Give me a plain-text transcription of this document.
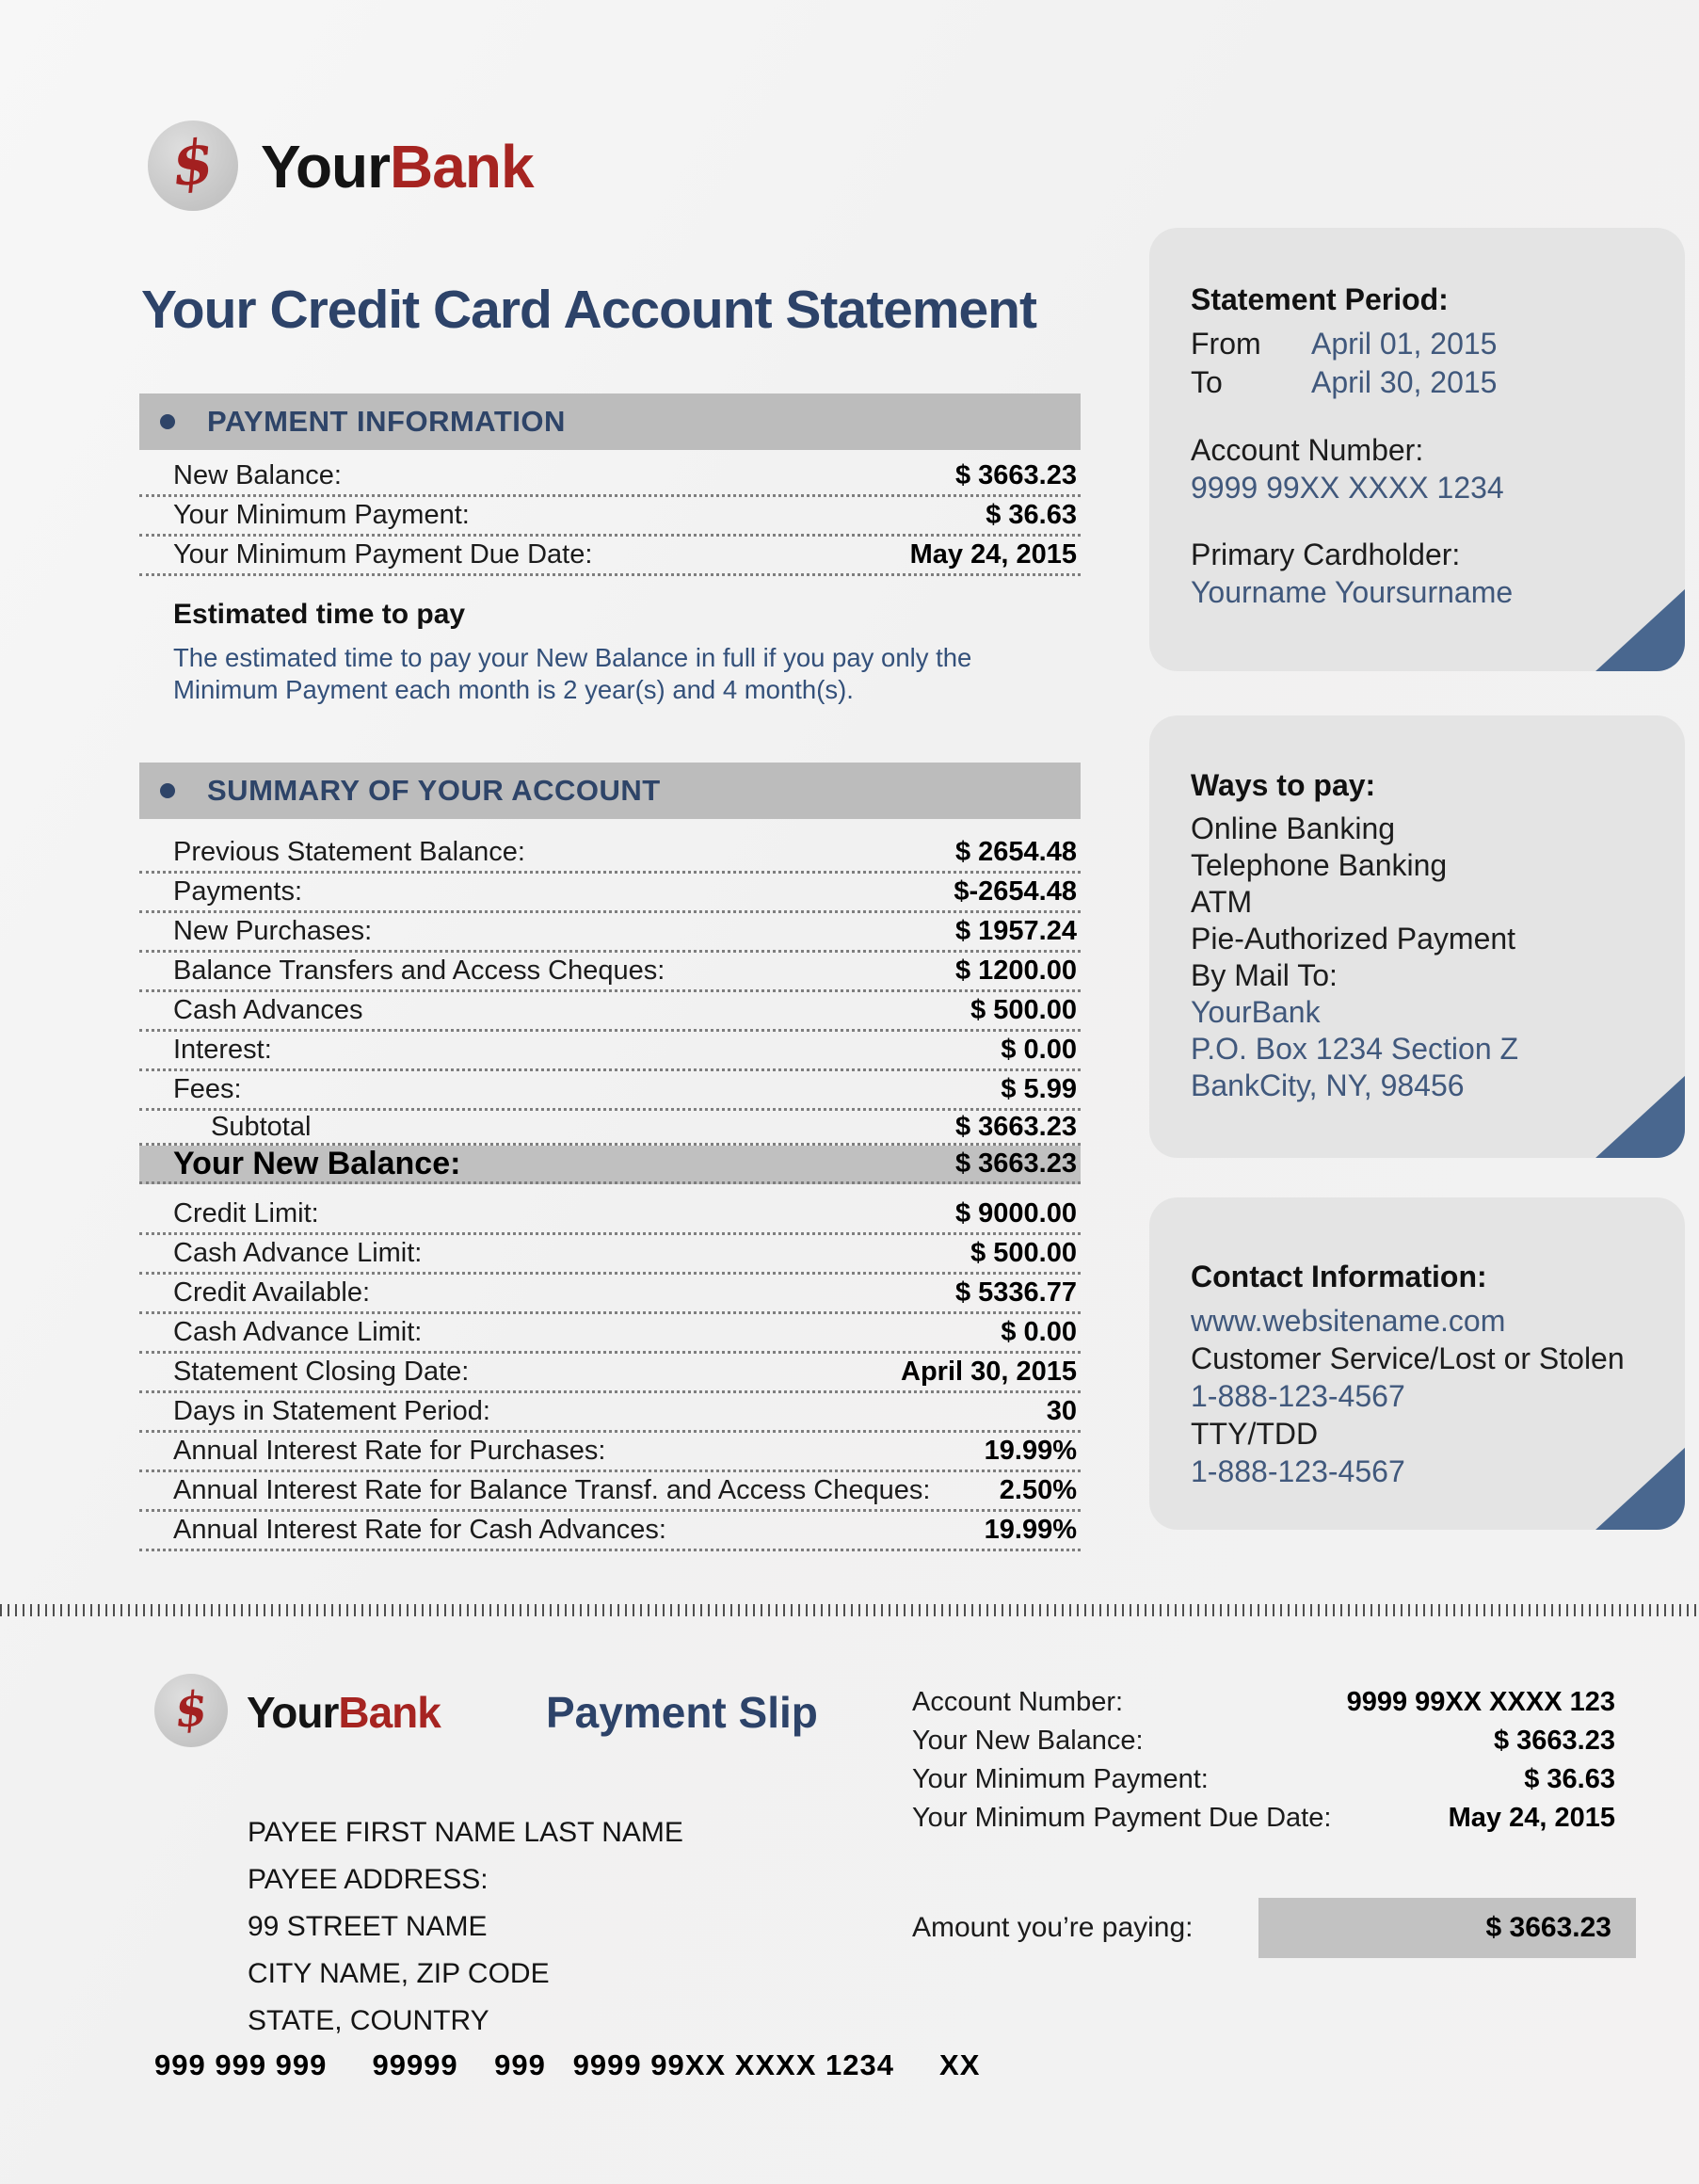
$ YourBank
Your Credit Card Account Statement
PAYMENT INFORMATION
New Balance:	$ 3663.23
Your Minimum Payment:	$ 36.63
Your Minimum Payment Due Date:	May 24, 2015
Estimated time to pay
The estimated time to pay your New Balance in full if you pay only the
Minimum Payment each month is 2 year(s) and 4 month(s).
SUMMARY OF YOUR ACCOUNT
Previous Statement Balance:	$ 2654.48
Payments:	$-2654.48
New Purchases:	$ 1957.24
Balance Transfers and Access Cheques:	$ 1200.00
Cash Advances	$ 500.00
Interest:	$ 0.00
Fees:	$ 5.99
Subtotal	$ 3663.23
Your New Balance:	$ 3663.23
Credit Limit:	$ 9000.00
Cash Advance Limit:	$ 500.00
Credit Available:	$ 5336.77
Cash Advance Limit:	$ 0.00
Statement Closing Date:	April 30, 2015
Days in Statement Period:	30
Annual Interest Rate for Purchases:	19.99%
Annual Interest Rate for Balance Transf. and Access Cheques:	2.50%
Annual Interest Rate for Cash Advances:	19.99%
Statement Period:
From	April 01, 2015
To	April 30, 2015
Account Number:
9999 99XX XXXX 1234
Primary Cardholder:
Yourname Yoursurname
Ways to pay:
Online Banking
Telephone Banking
ATM
Pie-Authorized Payment
By Mail To:
YourBank
P.O. Box 1234 Section Z
BankCity, NY, 98456
Contact Information:
www.websitename.com
Customer Service/Lost or Stolen
1-888-123-4567
TTY/TDD
1-888-123-4567
$ YourBank Payment Slip
PAYEE FIRST NAME LAST NAME
PAYEE ADDRESS:
99 STREET NAME
CITY NAME, ZIP CODE
STATE, COUNTRY
Account Number:	9999 99XX XXXX 123
Your New Balance:	$ 3663.23
Your Minimum Payment:	$ 36.63
Your Minimum Payment Due Date:	May 24, 2015
Amount you’re paying:	$ 3663.23
999 999 999     99999    999   9999 99XX XXXX 1234     XX
